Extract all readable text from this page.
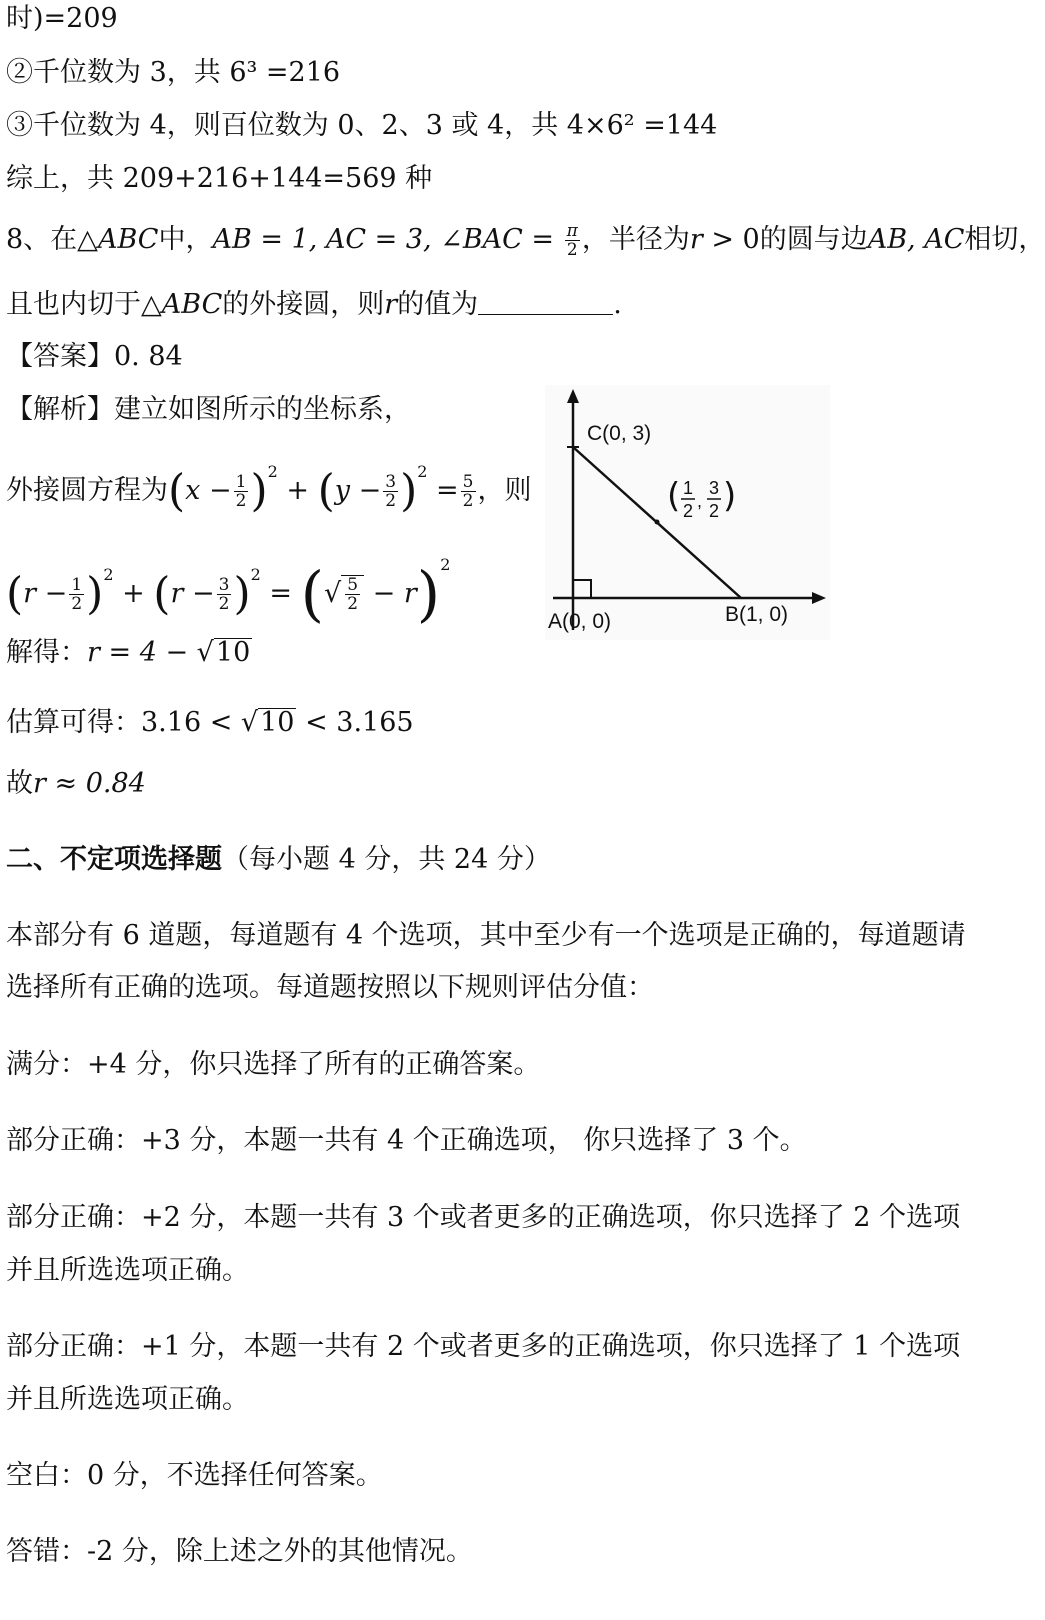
时)=209
②千位数为 3，共 6³ =216
③千位数为 4，则百位数为 0、2、3 或 4，共 4×6² =144
综上，共 209+216+144=569 种
8、在△ABC中，AB = 1, AC = 3, ∠BAC = $\frac{\pi}{2}$ ，半径为r > 0的圆与边AB, AC相切，
且也内切于△ABC的外接圆，则r的值为	.
【答案】0. 84
【解析】建立如图所示的坐标系，
外接圆方程为$(x - \frac{1}{2} )^2 + (y - \frac{3}{2} )^2 = \frac{5}{2}$ ，则
$(r - \frac{1}{2} )^2 + (r - \frac{3}{2} )^2$ = (√ $\frac{5}{2} - r)^2$
解得：r = 4 − √10
估算可得：3.16 < √10 < 3.165
故r ≈ 0.84
C(0, 3)
A(0, 0)	B(1, 0)
( 1
2 ,
3
2 )
二、不定项选择题（每小题 4 分，共 24 分）
本部分有 6 道题，每道题有 4 个选项，其中至少有一个选项是正确的，每道题请
选择所有正确的选项。每道题按照以下规则评估分值：
满分：+4 分，你只选择了所有的正确答案。
部分正确：+3 分，本题一共有 4 个正确选项， 你只选择了 3 个。
部分正确：+2 分，本题一共有 3 个或者更多的正确选项，你只选择了 2 个选项
并且所选选项正确。
部分正确：+1 分，本题一共有 2 个或者更多的正确选项，你只选择了 1 个选项
并且所选选项正确。
空白：0 分，不选择任何答案。
答错：-2 分，除上述之外的其他情况。
